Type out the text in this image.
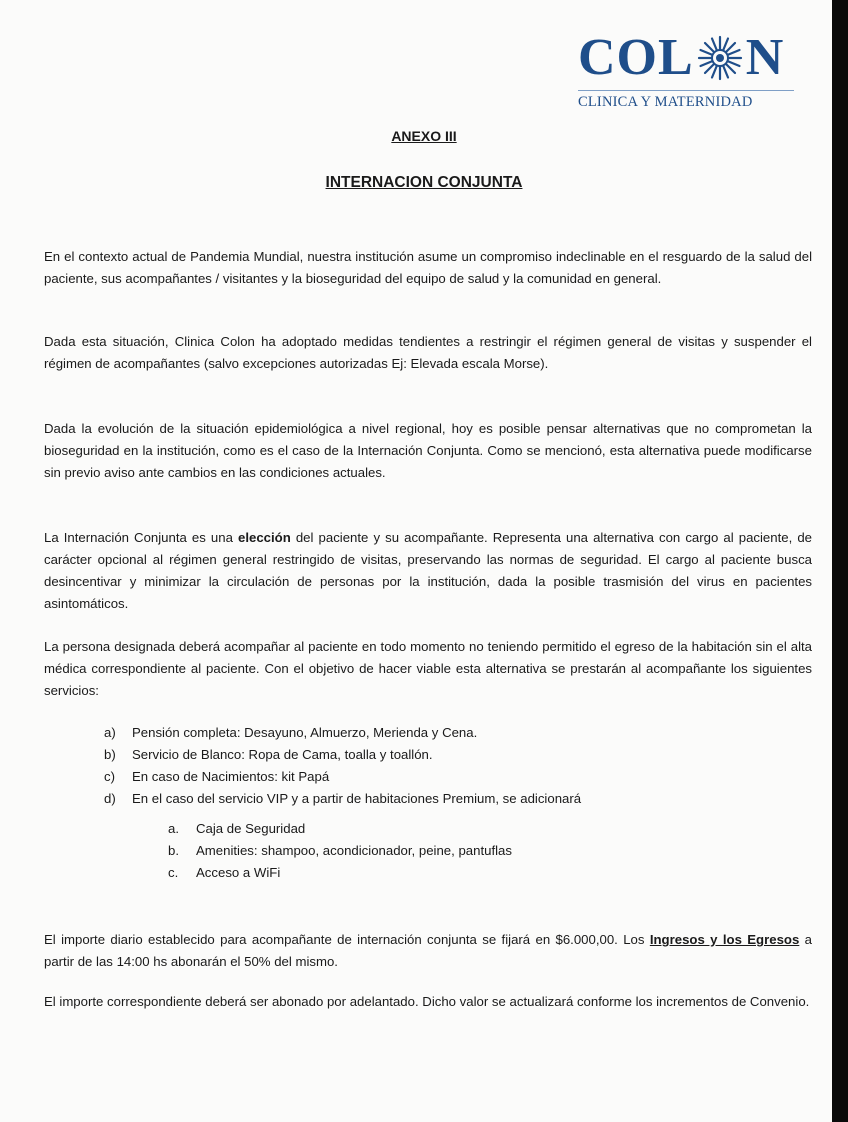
COL N
CLINICA Y MATERNIDAD
ANEXO III
INTERNACION CONJUNTA

En el contexto actual de Pandemia Mundial, nuestra institución asume un compromiso indeclinable en el resguardo de la salud del paciente, sus acompañantes / visitantes y la bioseguridad del equipo de salud y la comunidad en general.

Dada esta situación, Clinica Colon ha adoptado medidas tendientes a restringir el régimen general de visitas y suspender el régimen de acompañantes (salvo excepciones autorizadas Ej: Elevada escala Morse).

Dada la evolución de la situación epidemiológica a nivel regional, hoy es posible pensar alternativas que no comprometan la bioseguridad en la institución, como es el caso de la Internación Conjunta. Como se mencionó, esta alternativa puede modificarse sin previo aviso ante cambios en las condiciones actuales.

La Internación Conjunta es una elección del paciente y su acompañante. Representa una alternativa con cargo al paciente, de carácter opcional al régimen general restringido de visitas, preservando las normas de seguridad. El cargo al paciente busca desincentivar y minimizar la circulación de personas por la institución, dada la posible trasmisión del virus en pacientes asintomáticos.

La persona designada deberá acompañar al paciente en todo momento no teniendo permitido el egreso de la habitación sin el alta médica correspondiente al paciente. Con el objetivo de hacer viable esta alternativa se prestarán al acompañante los siguientes servicios:

a) Pensión completa: Desayuno, Almuerzo, Merienda y Cena.
b) Servicio de Blanco: Ropa de Cama, toalla y toallón.
c) En caso de Nacimientos: kit Papá
d) En el caso del servicio VIP y a partir de habitaciones Premium, se adicionará
a. Caja de Seguridad
b. Amenities: shampoo, acondicionador, peine, pantuflas
c. Acceso a WiFi

El importe diario establecido para acompañante de internación conjunta se fijará en $6.000,00. Los Ingresos y los Egresos a partir de las 14:00 hs abonarán el 50% del mismo.

El importe correspondiente deberá ser abonado por adelantado. Dicho valor se actualizará conforme los incrementos de Convenio.
